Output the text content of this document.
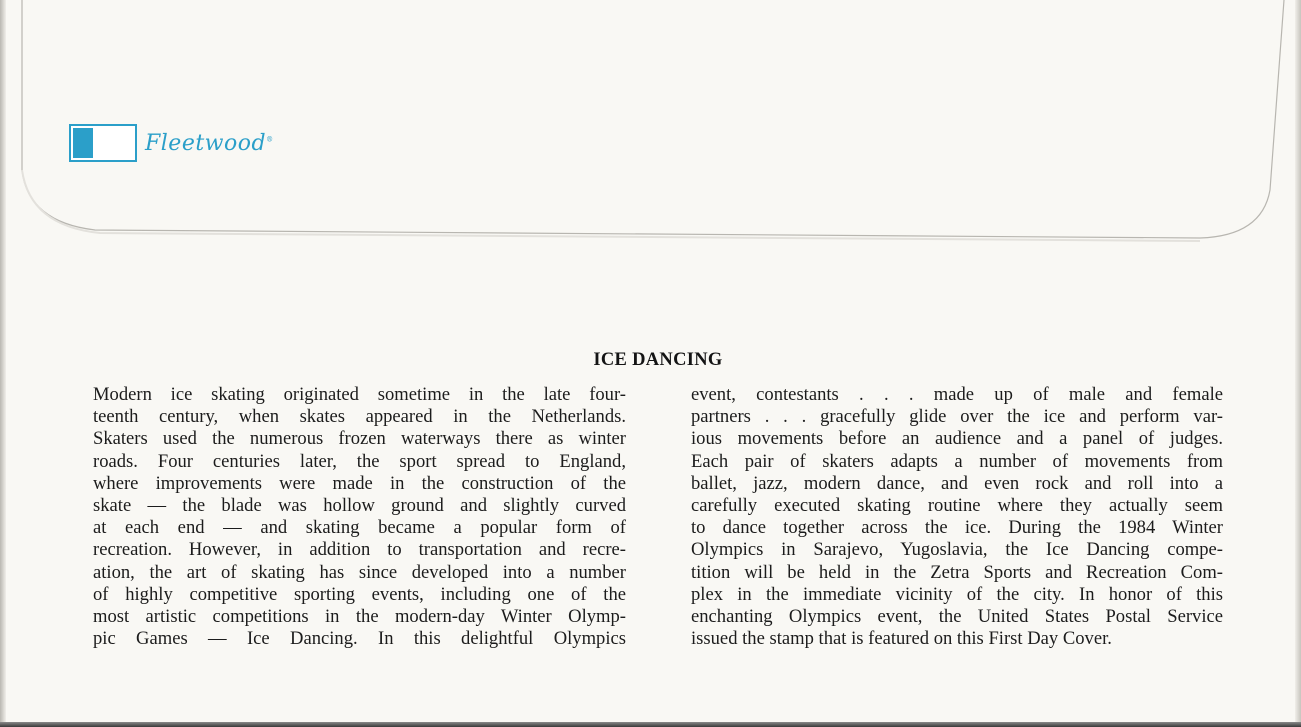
Fleetwood®
ICE DANCING
Modern ice skating originated sometime in the late four-
teenth century, when skates appeared in the Netherlands.
Skaters used the numerous frozen waterways there as winter
roads. Four centuries later, the sport spread to England,
where improvements were made in the construction of the
skate — the blade was hollow ground and slightly curved
at each end — and skating became a popular form of
recreation. However, in addition to transportation and recre-
ation, the art of skating has since developed into a number
of highly competitive sporting events, including one of the
most artistic competitions in the modern-day Winter Olymp-
pic Games — Ice Dancing. In this delightful Olympics
event, contestants . . . made up of male and female
partners . . . gracefully glide over the ice and perform var-
ious movements before an audience and a panel of judges.
Each pair of skaters adapts a number of movements from
ballet, jazz, modern dance, and even rock and roll into a
carefully executed skating routine where they actually seem
to dance together across the ice. During the 1984 Winter
Olympics in Sarajevo, Yugoslavia, the Ice Dancing compe-
tition will be held in the Zetra Sports and Recreation Com-
plex in the immediate vicinity of the city. In honor of this
enchanting Olympics event, the United States Postal Service
issued the stamp that is featured on this First Day Cover.
